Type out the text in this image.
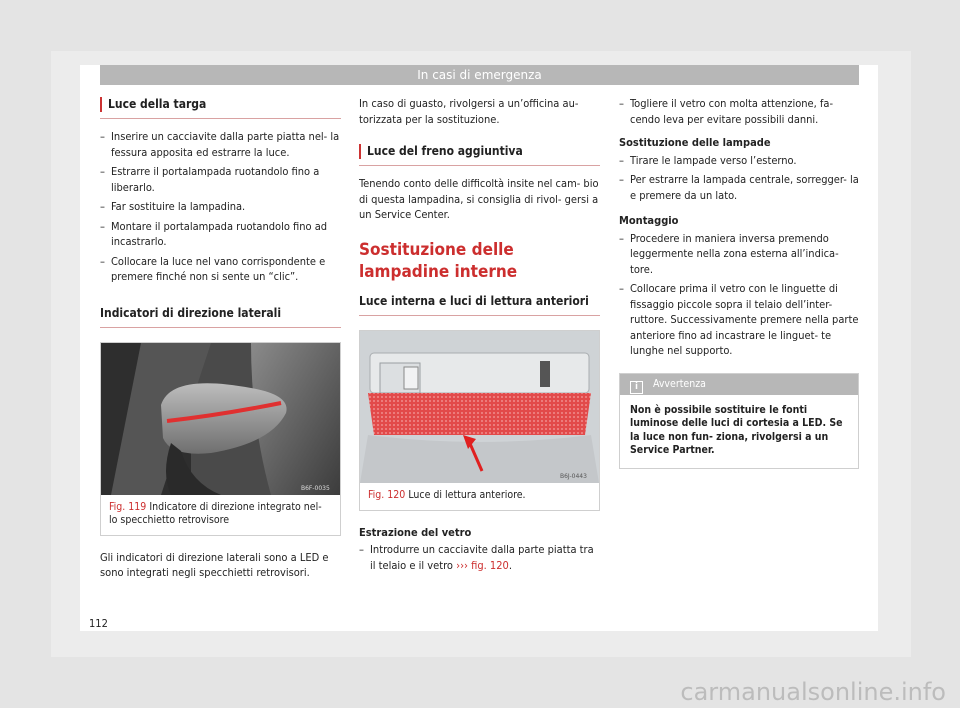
In casi di emergenza
Luce della targa
– Inserire un cacciavite dalla parte piatta nel- la fessura apposita ed estrarre la luce.
– Estrarre il portalampada ruotandolo fino a liberarlo.
– Far sostituire la lampadina.
– Montare il portalampada ruotandolo fino ad incastrarlo.
– Collocare la luce nel vano corrispondente e premere finché non si sente un “clic”.
Indicatori di direzione laterali
B6F-0035
Fig. 119 Indicatore di direzione integrato nel- lo specchietto retrovisore

Gli indicatori di direzione laterali sono a LED e sono integrati negli specchietti retrovisori.

In caso di guasto, rivolgersi a un’officina au- torizzata per la sostituzione.

Luce del freno aggiuntiva

Tenendo conto delle difficoltà insite nel cam- bio di questa lampadina, si consiglia di rivol- gersi a un Service Center.

Sostituzione delle lampadine interne
Luce interna e luci di lettura anteriori
B6J-0443
Fig. 120 Luce di lettura anteriore.
Estrazione del vetro
– Introdurre un cacciavite dalla parte piatta tra il telaio e il vetro ››› fig. 120.
– Togliere il vetro con molta attenzione, fa- cendo leva per evitare possibili danni.
Sostituzione delle lampade
– Tirare le lampade verso l’esterno.
– Per estrarre la lampada centrale, sorregger- la e premere da un lato.
Montaggio
– Procedere in maniera inversa premendo leggermente nella zona esterna all’indica- tore.
– Collocare prima il vetro con le linguette di fissaggio piccole sopra il telaio dell’inter- ruttore. Successivamente premere nella parte anteriore fino ad incastrare le linguet- te lunghe nel supporto.
i Avvertenza
Non è possibile sostituire le fonti luminose delle luci di cortesia a LED. Se la luce non fun- ziona, rivolgersi a un Service Partner.
112
carmanualsonline.info
